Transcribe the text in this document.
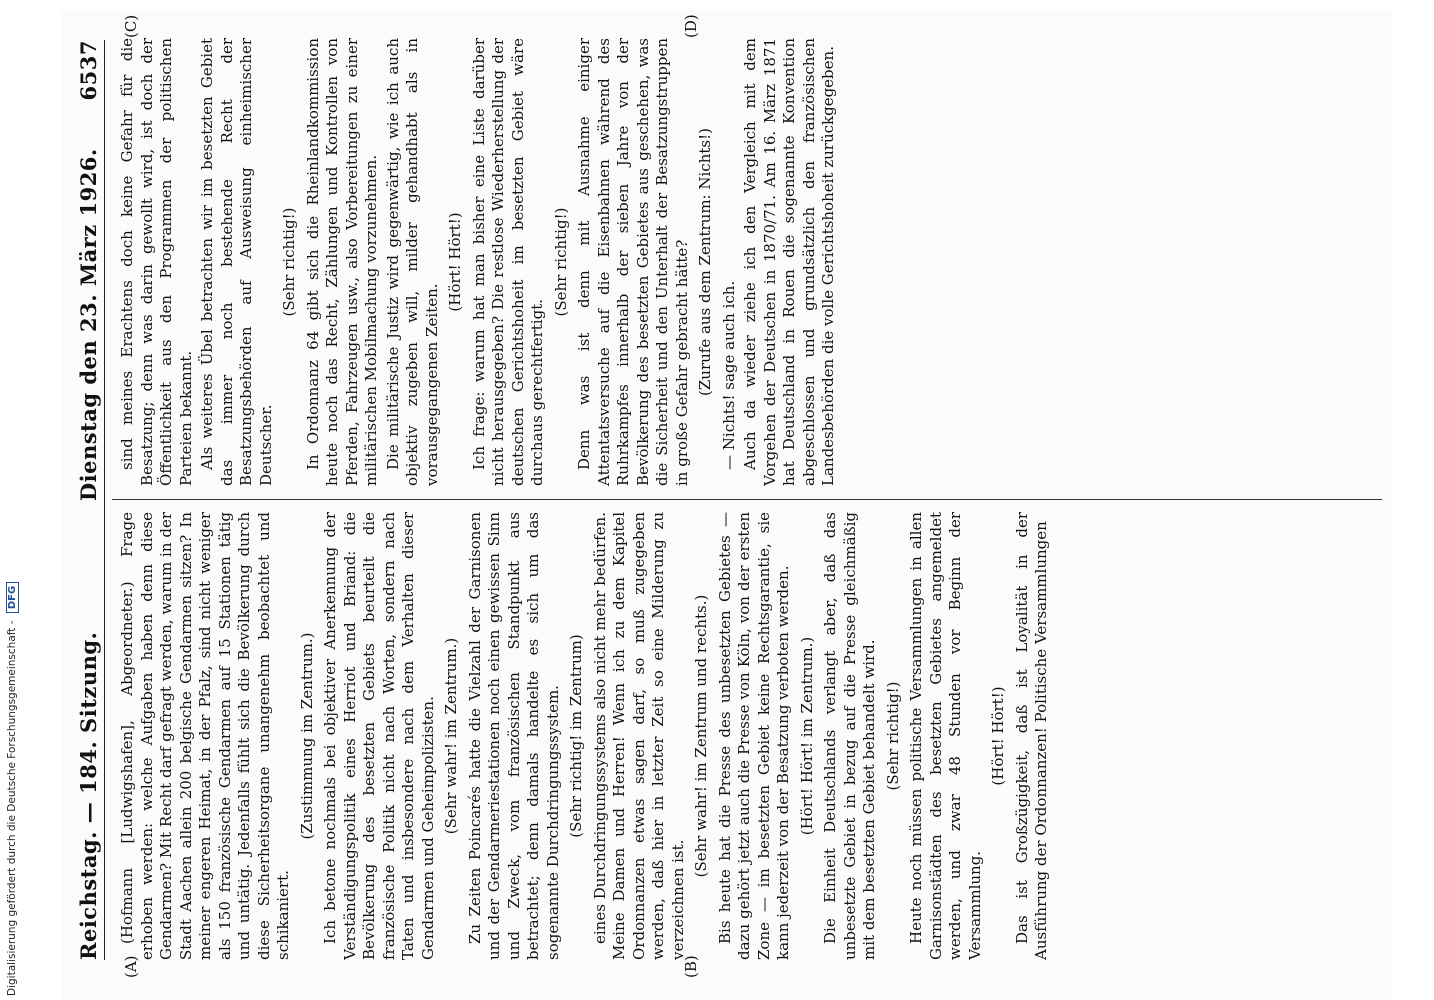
Reichstag. — 184. Sitzung.
Dienstag den 23. März 1926. 6537
(A)	(B)
(C)	(D)

(Hofmann [Ludwigshafen], Abgeordneter.) Frage erhoben werden: welche Aufgaben haben denn diese Gendarmen? Mit Recht darf gefragt werden, warum in der Stadt Aachen allein 200 belgische Gendarmen sitzen? In meiner engeren Heimat, in der Pfalz, sind nicht weniger als 150 französische Gendarmen auf 15 Stationen tätig und untätig. Jedenfalls fühlt sich die Bevölkerung durch diese Sicherheitsorgane unangenehm beobachtet und schikaniert.

(Zustimmung im Zentrum.) Ich betone nochmals bei objektiver Anerkennung der Verständigungspolitik eines Herriot und Briand: die Bevölkerung des besetzten Gebiets beurteilt die französische Politik nicht nach Worten, sondern nach Taten und insbesondere nach dem Verhalten dieser Gendarmen und Geheimpolizisten. (Sehr wahr! im Zentrum.) Zu Zeiten Poincarés hatte die Vielzahl der Garnisonen und der Gendarmeriestationen noch einen gewissen Sinn und Zweck, vom französischen Standpunkt aus betrachtet; denn damals handelte es sich um das sogenannte Durchdringungssystem. (Sehr richtig! im Zentrum) eines Durchdringungssystems also nicht mehr bedürfen. Meine Damen und Herren! Wenn ich zu dem Kapitel Ordonnanzen etwas sagen darf, so muß zugegeben werden, daß hier in letzter Zeit so eine Milderung zu verzeichnen ist.

(Sehr wahr! im Zentrum und rechts.) Bis heute hat die Presse des unbesetzten Gebietes — dazu gehört jetzt auch die Presse von Köln, von der ersten Zone — im besetzten Gebiet keine Rechtsgarantie, sie kann jederzeit von der Besatzung verboten werden. (Hört! Hört! im Zentrum.) Die Einheit Deutschlands verlangt aber, daß das unbesetzte Gebiet in bezug auf die Presse gleichmäßig mit dem besetzten Gebiet behandelt wird. (Sehr richtig!) Heute noch müssen politische Versammlungen in allen Garnisonstädten des besetzten Gebietes angemeldet werden, und zwar 48 Stunden vor Beginn der Versammlung.

(Hört! Hört!) Das ist Großzügigkeit, daß ist Loyalität in der Ausführung der Ordonnanzen! Politische Versammlungen

sind meines Erachtens doch keine Gefahr für die Besatzung; denn was darin gewollt wird, ist doch der Öffentlichkeit aus den Programmen der politischen Parteien bekannt. Als weiteres Übel betrachten wir im besetzten Gebiet das immer noch bestehende Recht der Besatzungsbehörden auf Ausweisung einheimischer Deutscher.

(Sehr richtig!) In Ordonnanz 64 gibt sich die Rheinlandkommission heute noch das Recht, Zählungen und Kontrollen von Pferden, Fahrzeugen usw., also Vorbereitungen zu einer militärischen Mobilmachung vorzunehmen. Die militärische Justiz wird gegenwärtig, wie ich auch objektiv zugeben will, milder gehandhabt als in vorausgegangenen Zeiten.

(Hört! Hört!) Ich frage: warum hat man bisher eine Liste darüber nicht herausgegeben? Die restlose Wiederherstellung der deutschen Gerichtshoheit im besetzten Gebiet wäre durchaus gerechtfertigt.

(Sehr richtig!) Denn was ist denn mit Ausnahme einiger Attentatsversuche auf die Eisenbahnen während des Ruhrkampfes innerhalb der sieben Jahre von der Bevölkerung des besetzten Gebietes aus geschehen, was die Sicherheit und den Unterhalt der Besatzungstruppen in große Gefahr gebracht hätte? (Zurufe aus dem Zentrum: Nichts!) — Nichts! sage auch ich. Auch da wieder ziehe ich den Vergleich mit dem Vorgehen der Deutschen in 1870/71. Am 16. März 1871 hat Deutschland in Rouen die sogenannte Konvention abgeschlossen und grundsätzlich den französischen Landesbehörden die volle Gerichtshoheit zurückgegeben.

Digitalisierung gefördert durch die Deutsche Forschungsgemeinschaft - DFG
